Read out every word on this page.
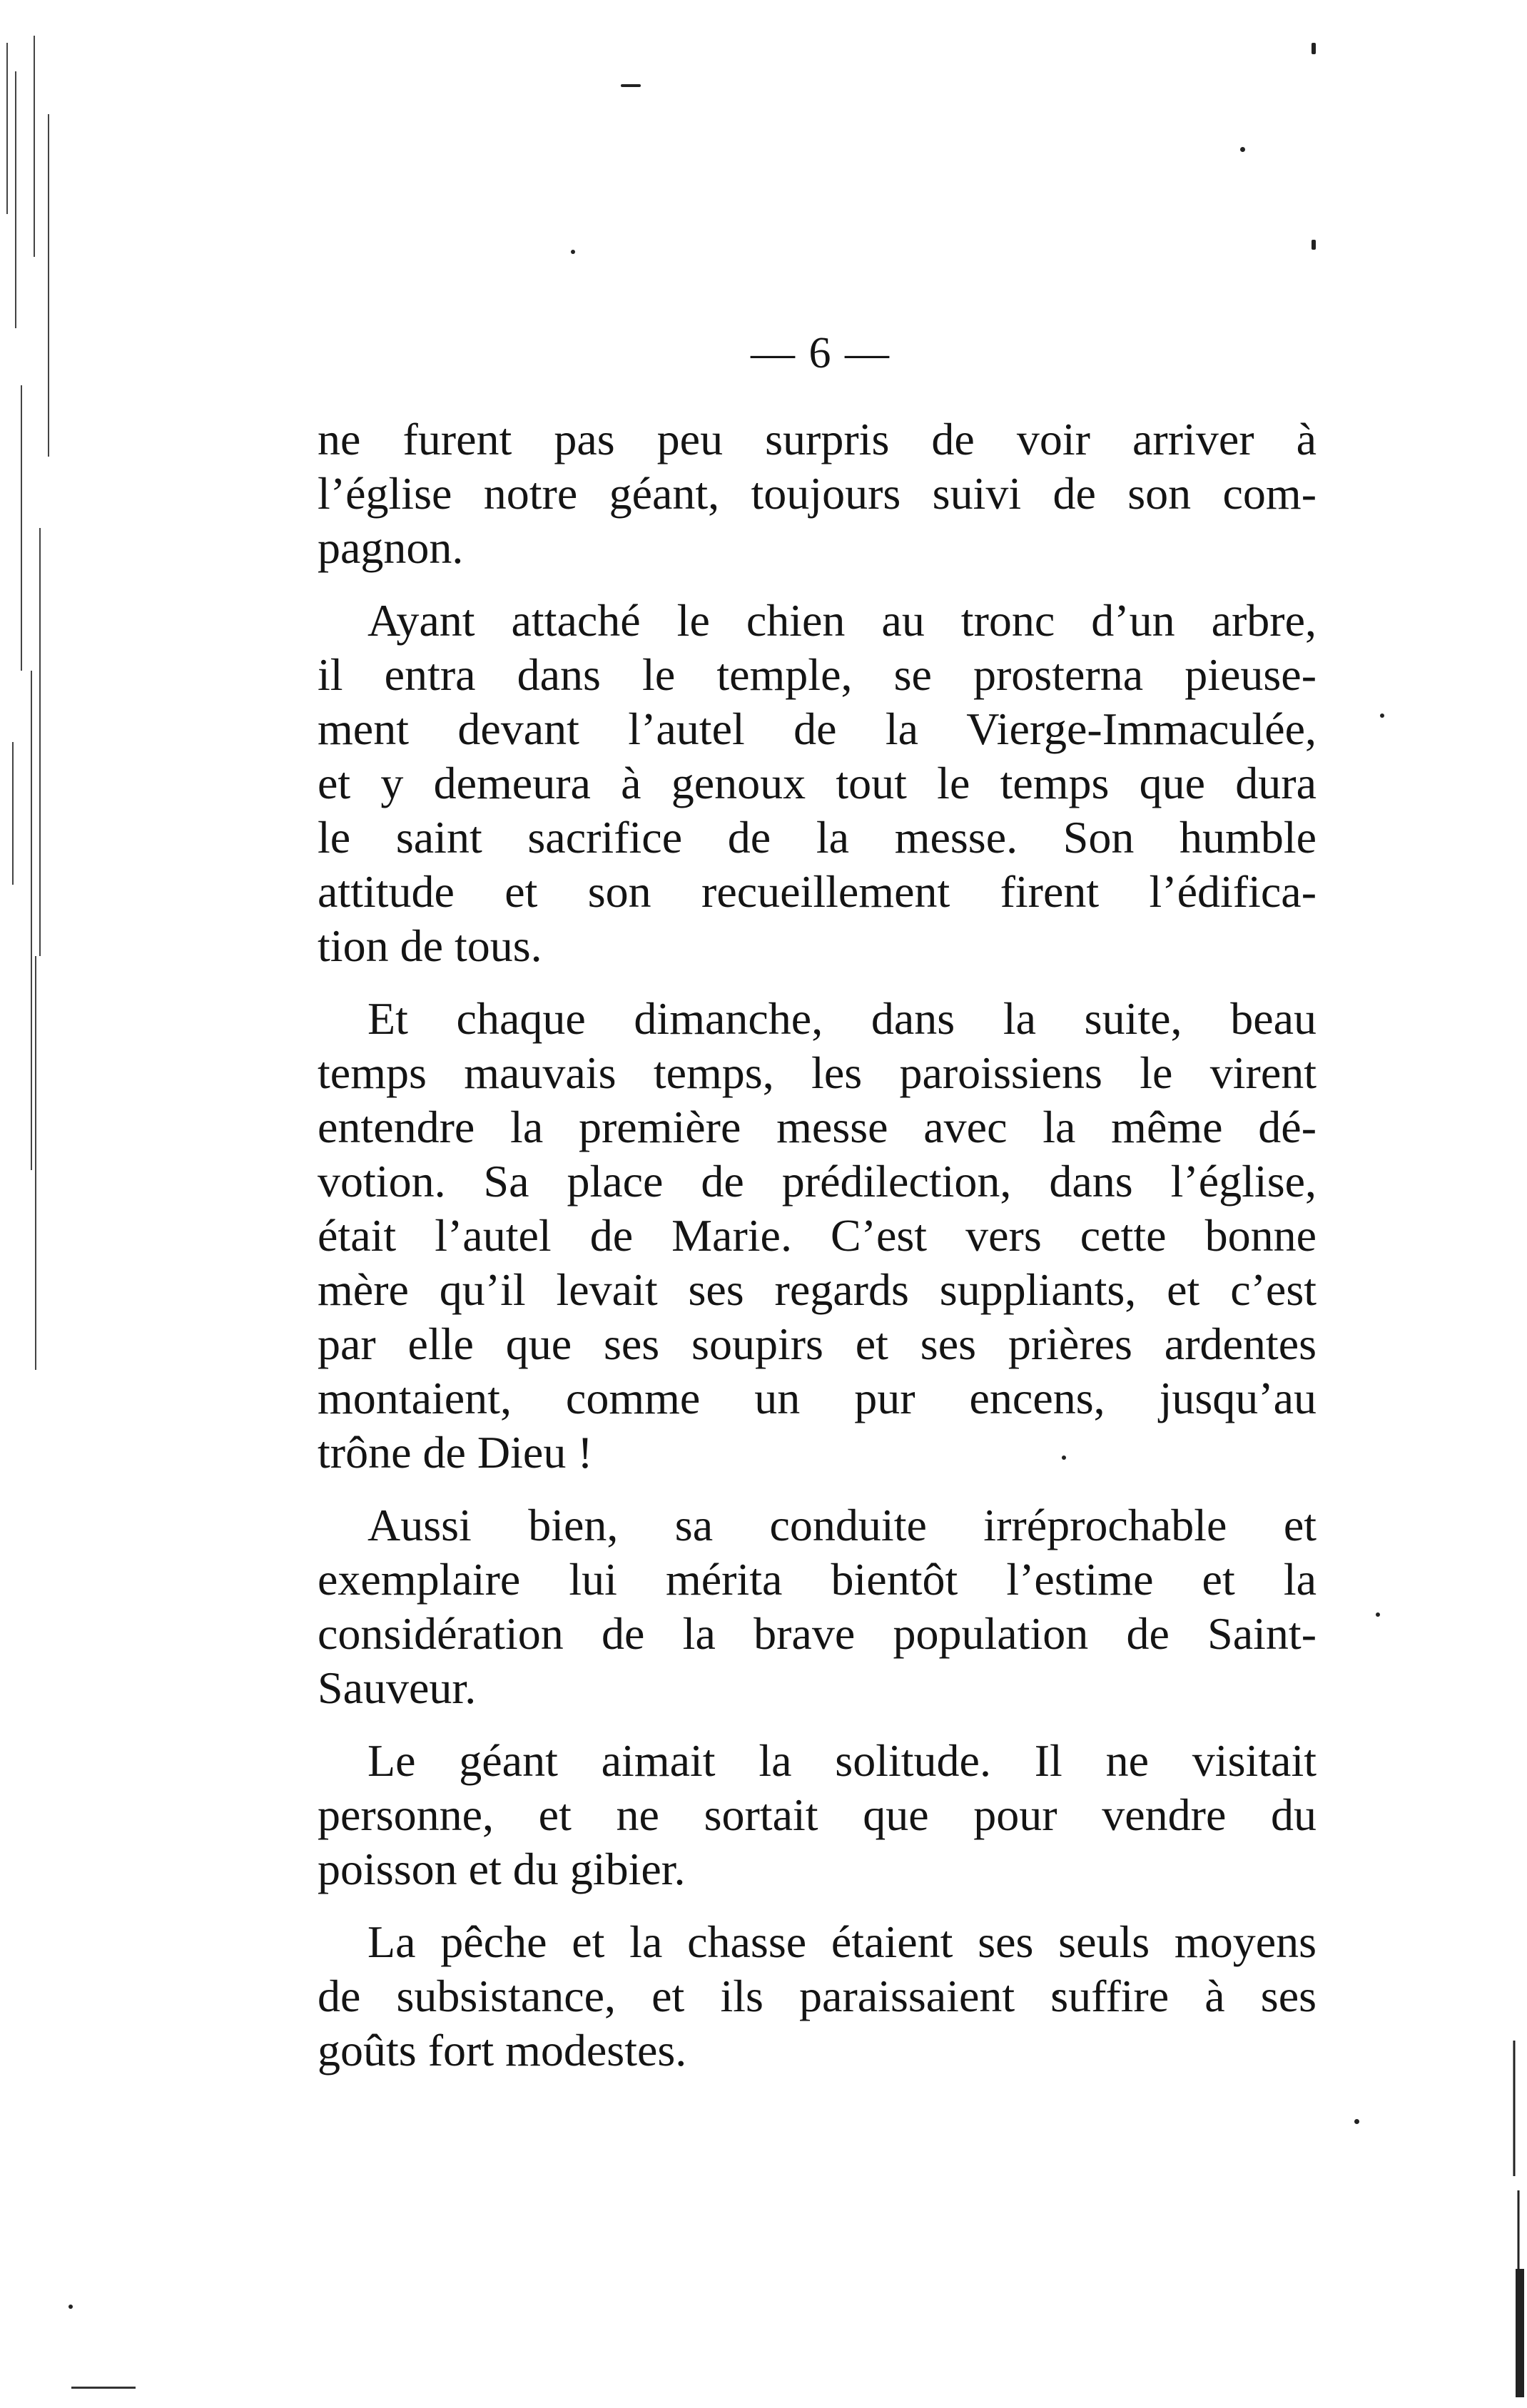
— 6 —
ne furent pas peu surpris de voir arriver à
l’église notre géant, toujours suivi de son com-
pagnon.
Ayant attaché le chien au tronc d’un arbre,
il entra dans le temple, se prosterna pieuse-
ment devant l’autel de la Vierge-Immaculée,
et y demeura à genoux tout le temps que dura
le saint sacrifice de la messe. Son humble
attitude et son recueillement firent l’édifica-
tion de tous.
Et chaque dimanche, dans la suite, beau
temps mauvais temps, les paroissiens le virent
entendre la première messe avec la même dé-
votion. Sa place de prédilection, dans l’église,
était l’autel de Marie. C’est vers cette bonne
mère qu’il levait ses regards suppliants, et c’est
par elle que ses soupirs et ses prières ardentes
montaient, comme un pur encens, jusqu’au
trône de Dieu !
Aussi bien, sa conduite irréprochable et
exemplaire lui mérita bientôt l’estime et la
considération de la brave population de Saint-
Sauveur.
Le géant aimait la solitude. Il ne visitait
personne, et ne sortait que pour vendre du
poisson et du gibier.
La pêche et la chasse étaient ses seuls moyens
de subsistance, et ils paraissaient suffire à ses
goûts fort modestes.
